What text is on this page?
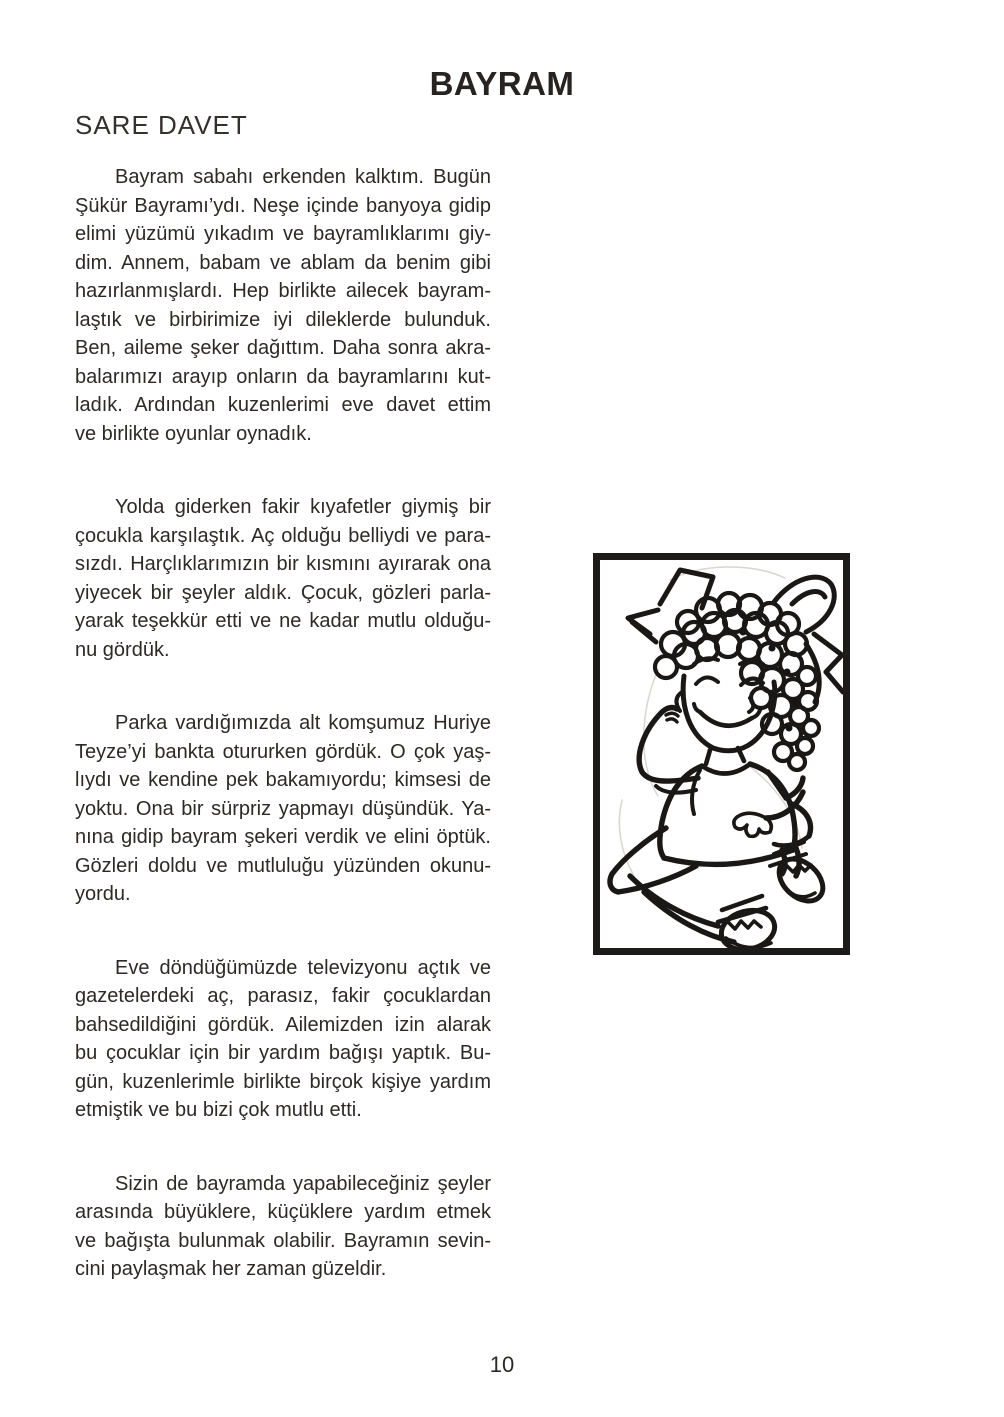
BAYRAM
SARE DAVET
Bayram sabahı erkenden kalktım. Bugün
Şükür Bayramı’ydı. Neşe içinde banyoya gidip
elimi yüzümü yıkadım ve bayramlıklarımı giy-
dim. Annem, babam ve ablam da benim gibi
hazırlanmışlardı. Hep birlikte ailecek bayram-
laştık ve birbirimize iyi dileklerde bulunduk.
Ben, aileme şeker dağıttım. Daha sonra akra-
balarımızı arayıp onların da bayramlarını kut-
ladık. Ardından kuzenlerimi eve davet ettim
ve birlikte oyunlar oynadık.
Yolda giderken fakir kıyafetler giymiş bir
çocukla karşılaştık. Aç olduğu belliydi ve para-
sızdı. Harçlıklarımızın bir kısmını ayırarak ona
yiyecek bir şeyler aldık. Çocuk, gözleri parla-
yarak teşekkür etti ve ne kadar mutlu olduğu-
nu gördük.
Parka vardığımızda alt komşumuz Huriye
Teyze’yi bankta otururken gördük. O çok yaş-
lıydı ve kendine pek bakamıyordu; kimsesi de
yoktu. Ona bir sürpriz yapmayı düşündük. Ya-
nına gidip bayram şekeri verdik ve elini öptük.
Gözleri doldu ve mutluluğu yüzünden okunu-
yordu.
Eve döndüğümüzde televizyonu açtık ve
gazetelerdeki aç, parasız, fakir çocuklardan
bahsedildiğini gördük. Ailemizden izin alarak
bu çocuklar için bir yardım bağışı yaptık. Bu-
gün, kuzenlerimle birlikte birçok kişiye yardım
etmiştik ve bu bizi çok mutlu etti.
Sizin de bayramda yapabileceğiniz şeyler
arasında büyüklere, küçüklere yardım etmek
ve bağışta bulunmak olabilir. Bayramın sevin-
cini paylaşmak her zaman güzeldir.
10
